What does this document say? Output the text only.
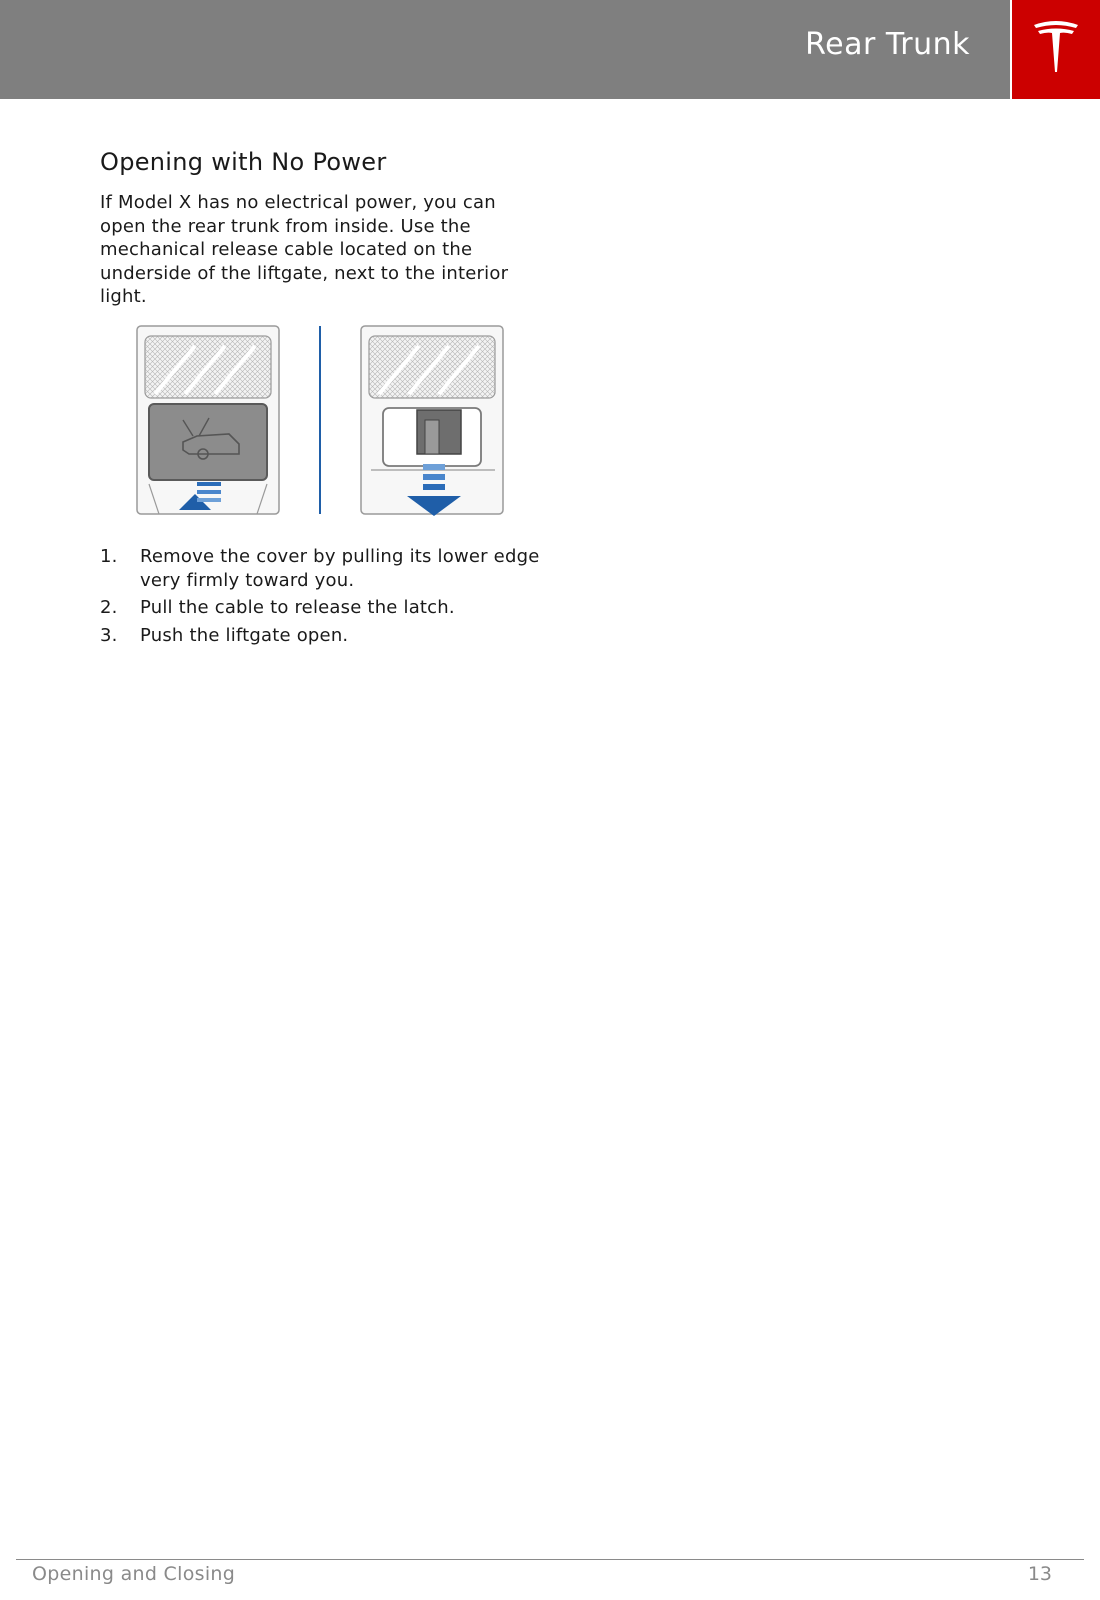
Rear Trunk
Opening with No Power

If Model X has no electrical power, you can open the rear trunk from inside. Use the mechanical release cable located on the underside of the liftgate, next to the interior light.

1.	Remove the cover by pulling its lower edge very firmly toward you.
2.	Pull the cable to release the latch.
3.	Push the liftgate open.
Opening and Closing	13
